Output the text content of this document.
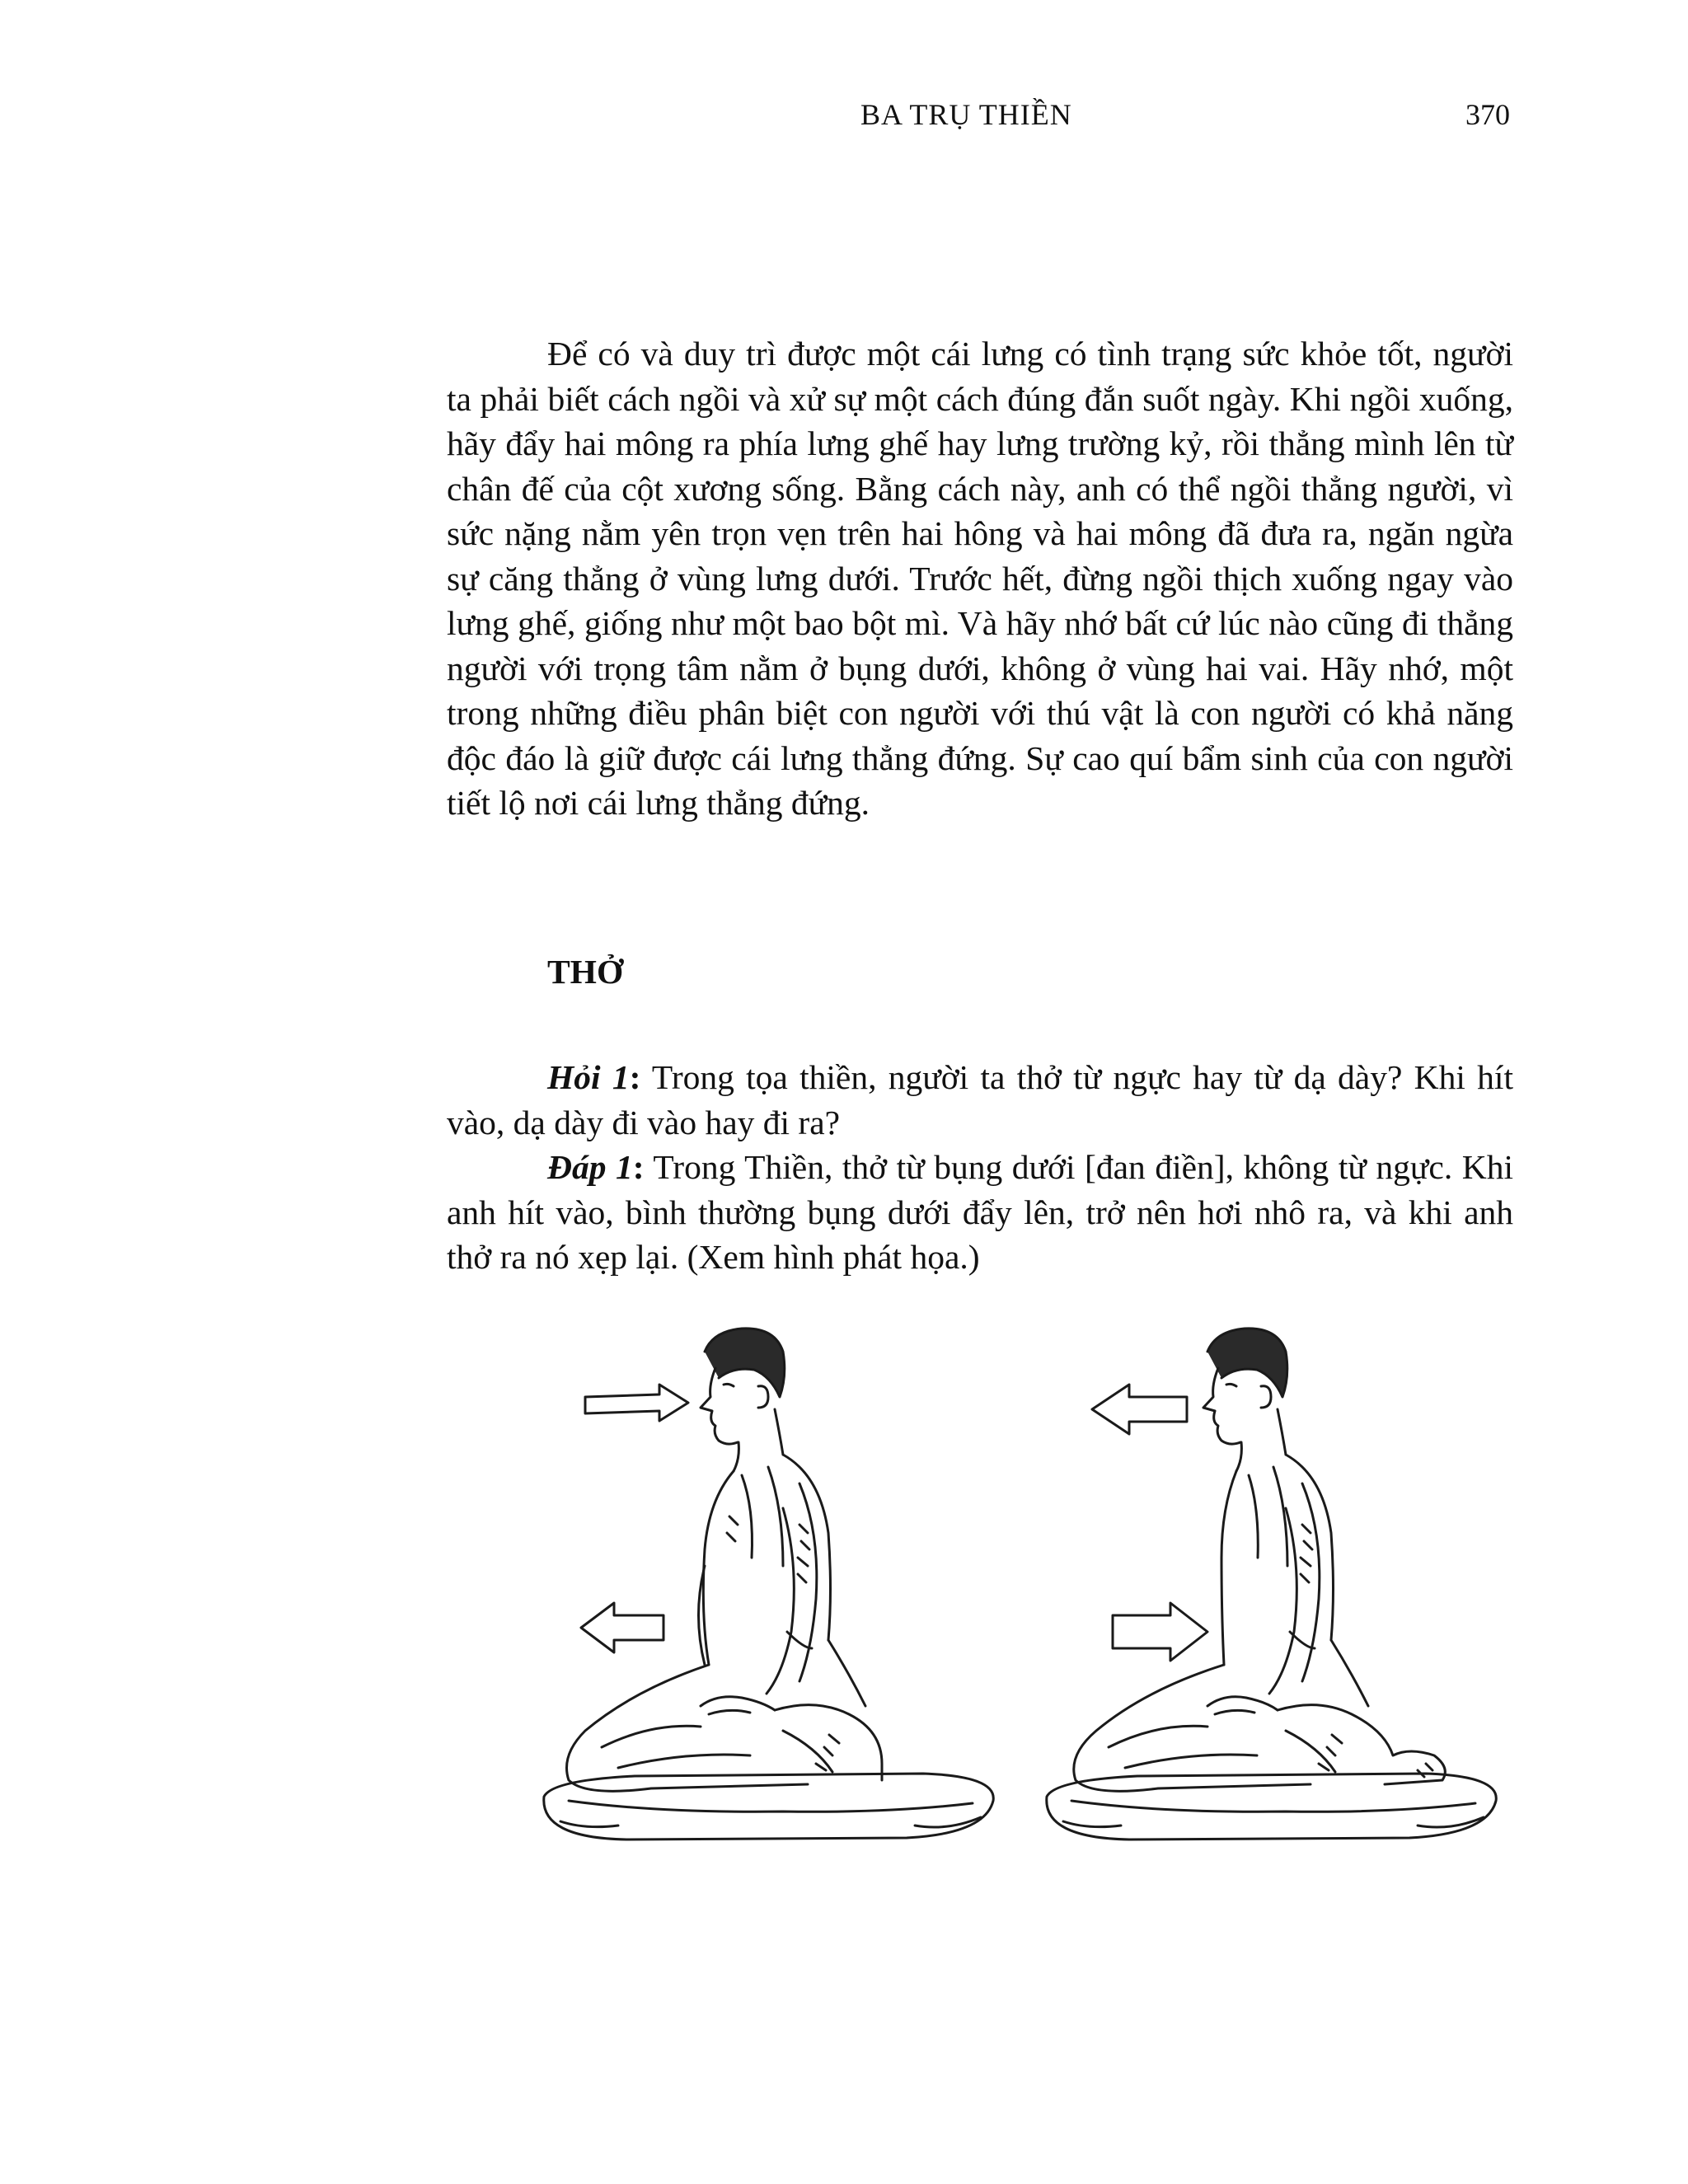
BA TRỤ THIỀN	370

Để có và duy trì được một cái lưng có tình trạng sức khỏe tốt, người ta phải biết cách ngồi và xử sự một cách đúng đắn suốt ngày. Khi ngồi xuống, hãy đẩy hai mông ra phía lưng ghế hay lưng trường kỷ, rồi thẳng mình lên từ chân đế của cột xương sống. Bằng cách này, anh có thể ngồi thẳng người, vì sức nặng nằm yên trọn vẹn trên hai hông và hai mông đã đưa ra, ngăn ngừa sự căng thẳng ở vùng lưng dưới. Trước hết, đừng ngồi thịch xuống ngay vào lưng ghế, giống như một bao bột mì. Và hãy nhớ bất cứ lúc nào cũng đi thẳng người với trọng tâm nằm ở bụng dưới, không ở vùng hai vai. Hãy nhớ, một trong những điều phân biệt con người với thú vật là con người có khả năng độc đáo là giữ được cái lưng thẳng đứng. Sự cao quí bẩm sinh của con người tiết lộ nơi cái lưng thẳng đứng.

THỞ

Hỏi 1: Trong tọa thiền, người ta thở từ ngực hay từ dạ dày? Khi hít vào, dạ dày đi vào hay đi ra?

Đáp 1: Trong Thiền, thở từ bụng dưới [đan điền], không từ ngực. Khi anh hít vào, bình thường bụng dưới đẩy lên, trở nên hơi nhô ra, và khi anh thở ra nó xẹp lại. (Xem hình phát họa.)
